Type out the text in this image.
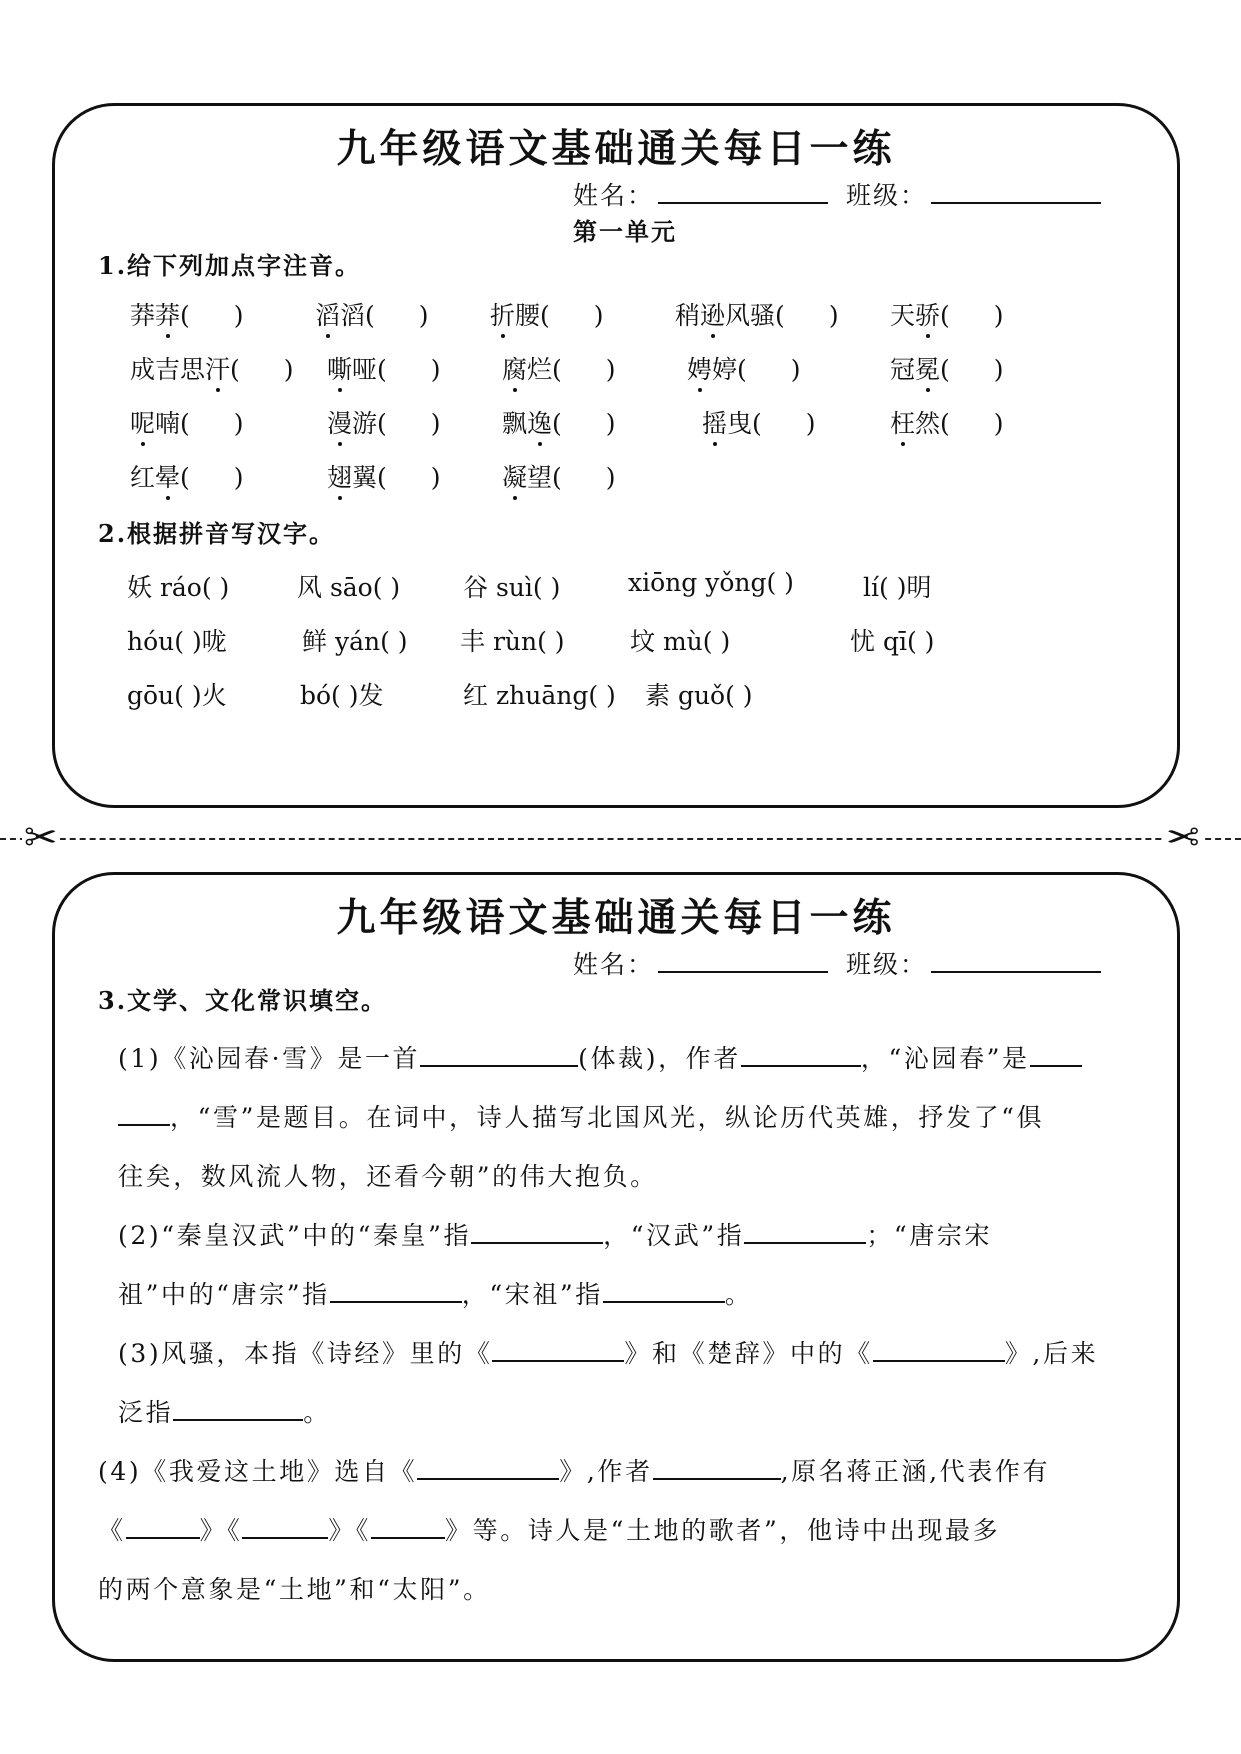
九年级语文基础通关每日一练
姓名：	班级：
第一单元
1.给下列加点字注音。
莽莽( )	滔滔( ) 折腰( )	稍逊风骚( ) 天骄( )
成吉思汗( ) 嘶哑( ) 腐烂( )	娉婷( )	冠冕( )
呢喃( )	漫游( ) 飘逸( )	摇曳( )	枉然( )
红晕( )	翅翼( ) 凝望( )
2.根据拼音写汉字。
妖 ráo( )	风 sāo( )	谷 suì( )	xiōng yǒng( )	lí( )明
hóu( )咙	鲜 yán( ) 丰 rùn( )	坟 mù( )	忧 qī( )
gōu( )火	bó( )发	红 zhuāng( ) 素 guǒ( )
✂	✂
九年级语文基础通关每日一练
姓名：	班级：
3.文学、文化常识填空。
(1)《沁园春·雪》是一首	(体裁)，作者	，“沁园春”是
，“雪”是题目。在词中，诗人描写北国风光，纵论历代英雄，抒发了“俱
往矣，数风流人物，还看今朝”的伟大抱负。
(2)“秦皇汉武”中的“秦皇”指	，“汉武”指	；“唐宗宋
祖”中的“唐宗”指	，“宋祖”指	。
(3)风骚，本指《诗经》里的《	》和《楚辞》中的《	》,后来
泛指	。
(4)《我爱这土地》选自《	》,作者	,原名蒋正涵,代表作有
《	》《	》《	》等。诗人是“土地的歌者”，他诗中出现最多
的两个意象是“土地”和“太阳”。
